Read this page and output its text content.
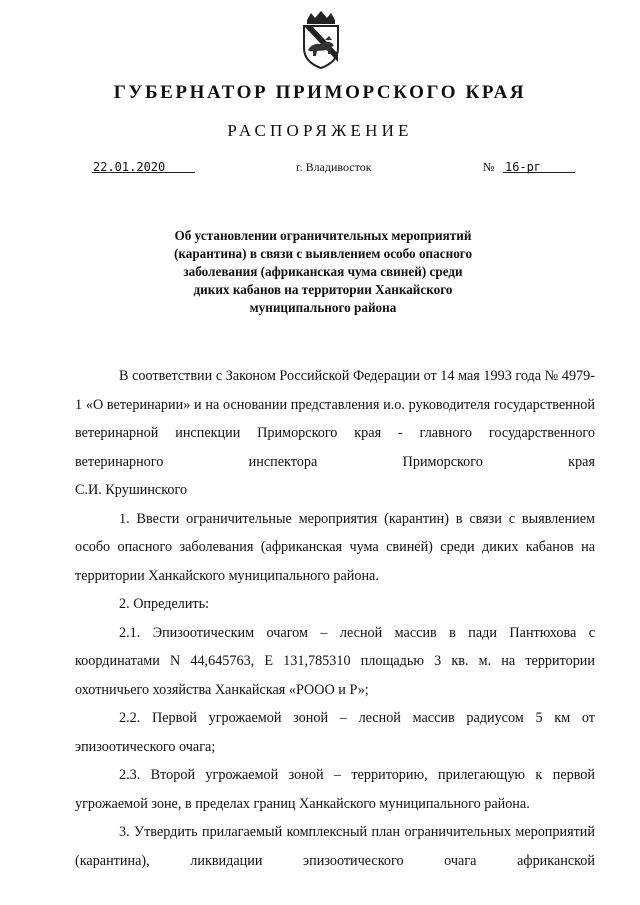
ГУБЕРНАТОР ПРИМОРСКОГО КРАЯ
РАСПОРЯЖЕНИЕ
22.01.2020	г. Владивосток	№ 16-рг
Об установлении ограничительных мероприятий
(карантина) в связи с выявлением особо опасного
заболевания (африканская чума свиней) среди
диких кабанов на территории Ханкайского
муниципального района

В соответствии с Законом Российской Федерации от 14 мая 1993 года № 4979-1 «О ветеринарии» и на основании представления и.о. руководителя государственной ветеринарной инспекции Приморского края - главного государственного ветеринарного инспектора Приморского края

С.И. Крушинского

1. Ввести ограничительные мероприятия (карантин) в связи с выявлением особо опасного заболевания (африканская чума свиней) среди диких кабанов на территории Ханкайского муниципального района.

2. Определить:

2.1. Эпизоотическим очагом – лесной массив в пади Пантюхова с координатами N 44,645763, E 131,785310 площадью 3 кв. м. на территории охотничьего хозяйства Ханкайская «РООО и Р»;

2.2. Первой угрожаемой зоной – лесной массив радиусом 5 км от эпизоотического очага;

2.3. Второй угрожаемой зоной – территорию, прилегающую к первой угрожаемой зоне, в пределах границ Ханкайского муниципального района.

3. Утвердить прилагаемый комплексный план ограничительных мероприятий (карантина), ликвидации эпизоотического очага африканской
